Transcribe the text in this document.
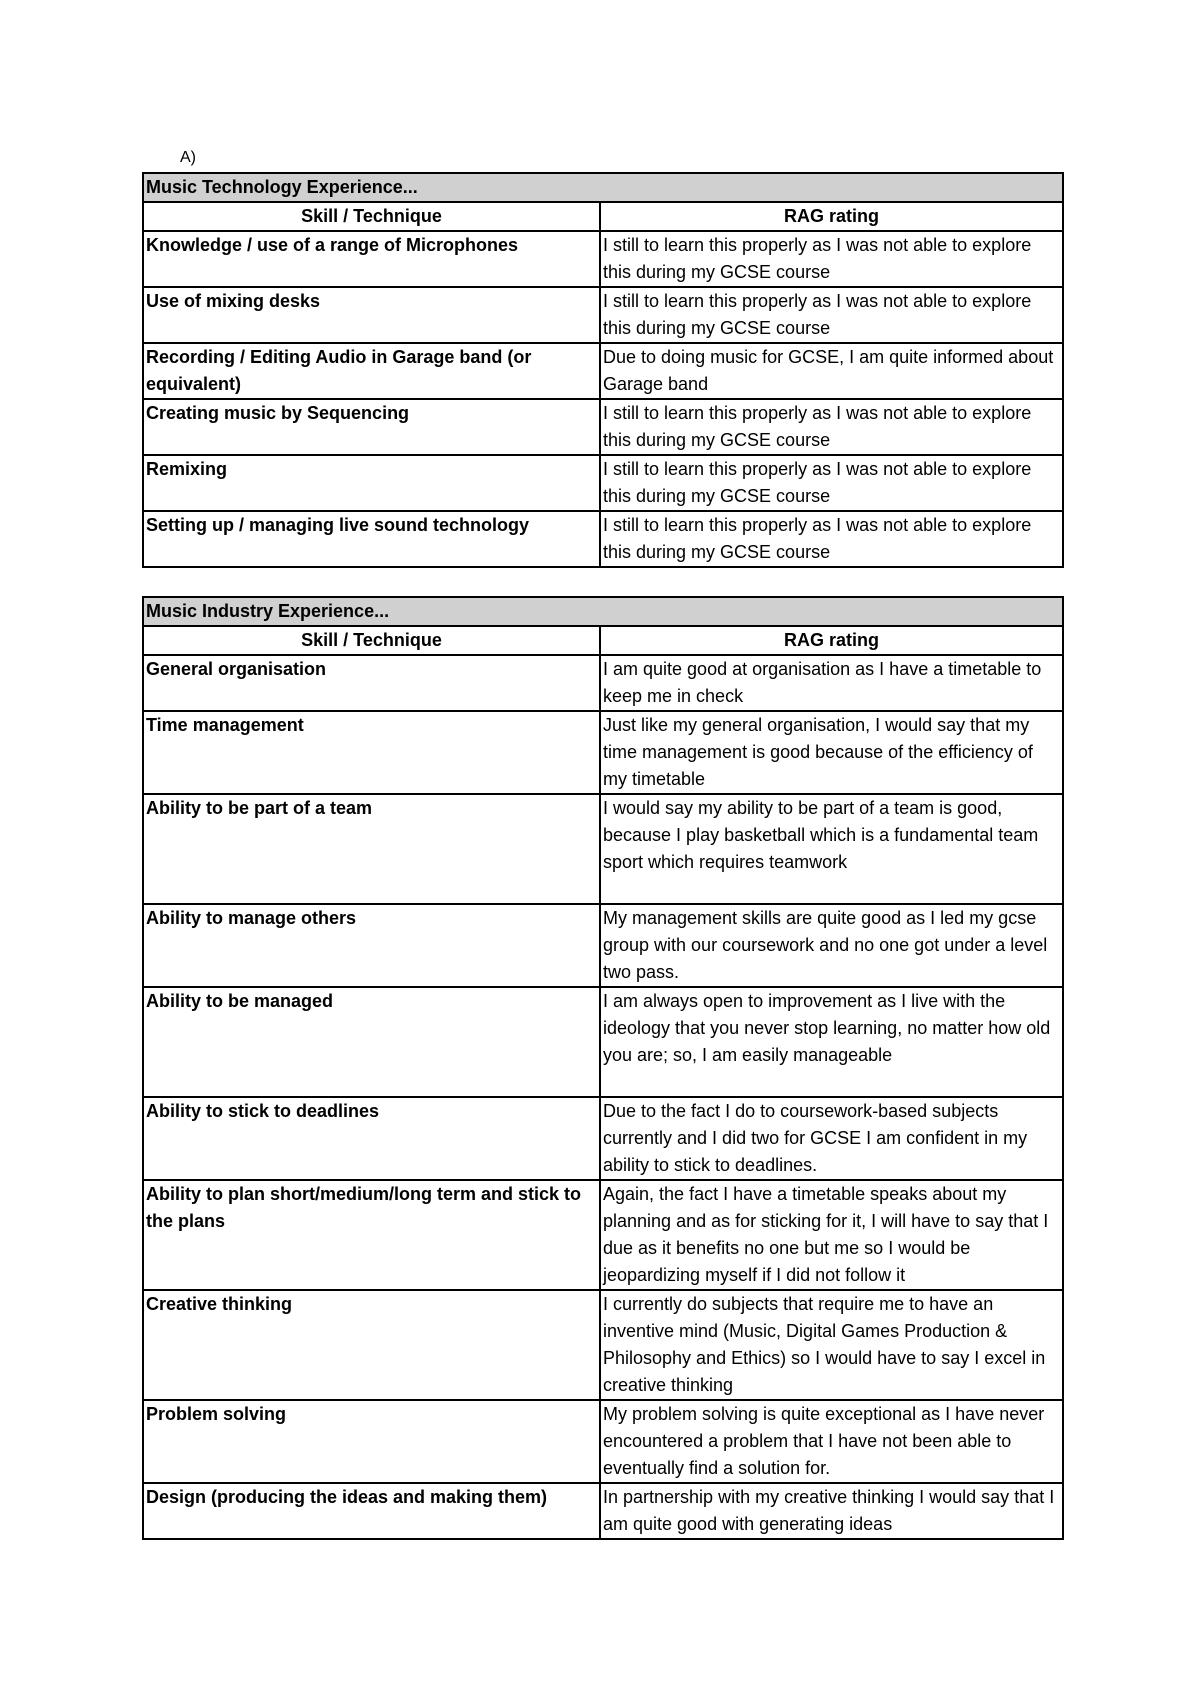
A)
Music Technology Experience...	
Skill / Technique	RAG rating
Knowledge / use of a range of Microphones	I still to learn this properly as I was not able to explore this during my GCSE course
Use of mixing desks	I still to learn this properly as I was not able to explore this during my GCSE course
Recording / Editing Audio in Garage band (or equivalent)	Due to doing music for GCSE, I am quite informed about Garage band
Creating music by Sequencing	I still to learn this properly as I was not able to explore this during my GCSE course
Remixing	I still to learn this properly as I was not able to explore this during my GCSE course
Setting up / managing live sound technology	I still to learn this properly as I was not able to explore this during my GCSE course
Music Industry Experience...	
Skill / Technique	RAG rating
General organisation	I am quite good at organisation as I have a timetable to keep me in check
Time management	Just like my general organisation, I would say that my time management is good because of the efficiency of my timetable
Ability to be part of a team	I would say my ability to be part of a team is good, because I play basketball which is a fundamental team sport which requires teamwork
Ability to manage others	My management skills are quite good as I led my gcse group with our coursework and no one got under a level two pass.
Ability to be managed	I am always open to improvement as I live with the ideology that you never stop learning, no matter how old you are; so, I am easily manageable
Ability to stick to deadlines	Due to the fact I do to coursework-based subjects currently and I did two for GCSE I am confident in my ability to stick to deadlines.
Ability to plan short/medium/long term and stick to the plans	Again, the fact I have a timetable speaks about my planning and as for sticking for it, I will have to say that I due as it benefits no one but me so I would be jeopardizing myself if I did not follow it
Creative thinking	I currently do subjects that require me to have an inventive mind (Music, Digital Games Production & Philosophy and Ethics) so I would have to say I excel in creative thinking
Problem solving	My problem solving is quite exceptional as I have never encountered a problem that I have not been able to eventually find a solution for.
Design (producing the ideas and making them)	In partnership with my creative thinking I would say that I am quite good with generating ideas
